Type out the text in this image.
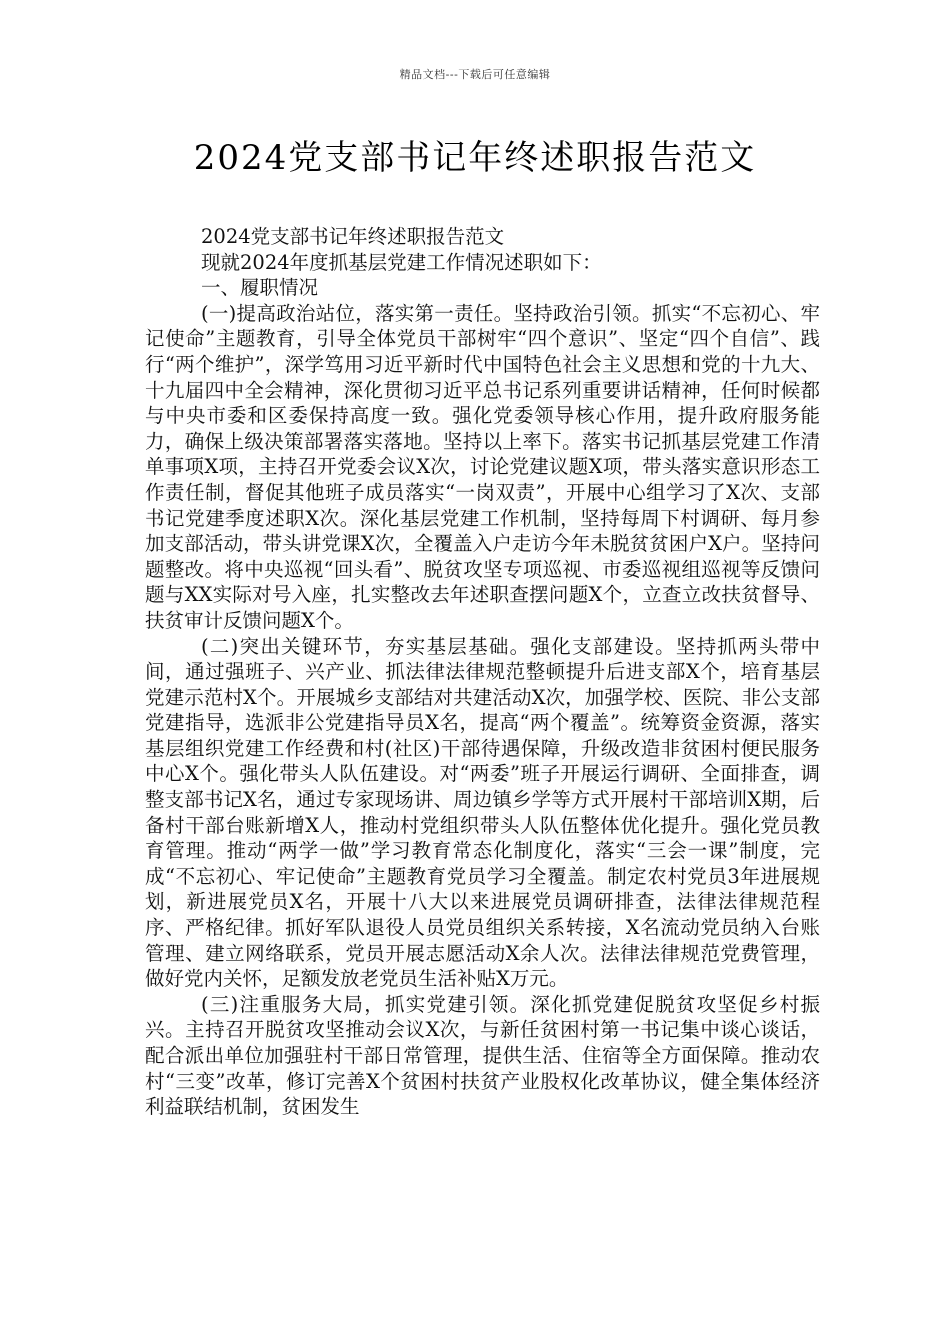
精品文档---下载后可任意编辑
2024党支部书记年终述职报告范文

2024党支部书记年终述职报告范文

现就2024年度抓基层党建工作情况述职如下：

一、履职情况

(一)提高政治站位，落实第一责任。坚持政治引领。抓实“不忘初心、牢记使命”主题教育，引导全体党员干部树牢“四个意识”、坚定“四个自信”、践行“两个维护”，深学笃用习近平新时代中国特色社会主义思想和党的十九大、十九届四中全会精神，深化贯彻习近平总书记系列重要讲话精神，任何时候都与中央市委和区委保持高度一致。强化党委领导核心作用，提升政府服务能力，确保上级决策部署落实落地。坚持以上率下。落实书记抓基层党建工作清单事项X项，主持召开党委会议X次，讨论党建议题X项，带头落实意识形态工作责任制，督促其他班子成员落实“一岗双责”，开展中心组学习了X次、支部书记党建季度述职X次。深化基层党建工作机制，坚持每周下村调研、每月参加支部活动，带头讲党课X次，全覆盖入户走访今年未脱贫贫困户X户。坚持问题整改。将中央巡视“回头看”、脱贫攻坚专项巡视、市委巡视组巡视等反馈问题与XX实际对号入座，扎实整改去年述职查摆问题X个，立查立改扶贫督导、扶贫审计反馈问题X个。

(二)突出关键环节，夯实基层基础。强化支部建设。坚持抓两头带中间，通过强班子、兴产业、抓法律法律规范整顿提升后进支部X个，培育基层党建示范村X个。开展城乡支部结对共建活动X次，加强学校、医院、非公支部党建指导，选派非公党建指导员X名，提高“两个覆盖”。统筹资金资源，落实基层组织党建工作经费和村(社区)干部待遇保障，升级改造非贫困村便民服务中心X个。强化带头人队伍建设。对“两委”班子开展运行调研、全面排查，调整支部书记X名，通过专家现场讲、周边镇乡学等方式开展村干部培训X期，后备村干部台账新增X人，推动村党组织带头人队伍整体优化提升。强化党员教育管理。推动“两学一做”学习教育常态化制度化，落实“三会一课”制度，完成“不忘初心、牢记使命”主题教育党员学习全覆盖。制定农村党员3年进展规划，新进展党员X名，开展十八大以来进展党员调研排查，法律法律规范程序、严格纪律。抓好军队退役人员党员组织关系转接，X名流动党员纳入台账管理、建立网络联系，党员开展志愿活动X余人次。法律法律规范党费管理，做好党内关怀，足额发放老党员生活补贴X万元。

(三)注重服务大局，抓实党建引领。深化抓党建促脱贫攻坚促乡村振兴。主持召开脱贫攻坚推动会议X次，与新任贫困村第一书记集中谈心谈话，配合派出单位加强驻村干部日常管理，提供生活、住宿等全方面保障。推动农村“三变”改革，修订完善X个贫困村扶贫产业股权化改革协议，健全集体经济利益联结机制，贫困发生
